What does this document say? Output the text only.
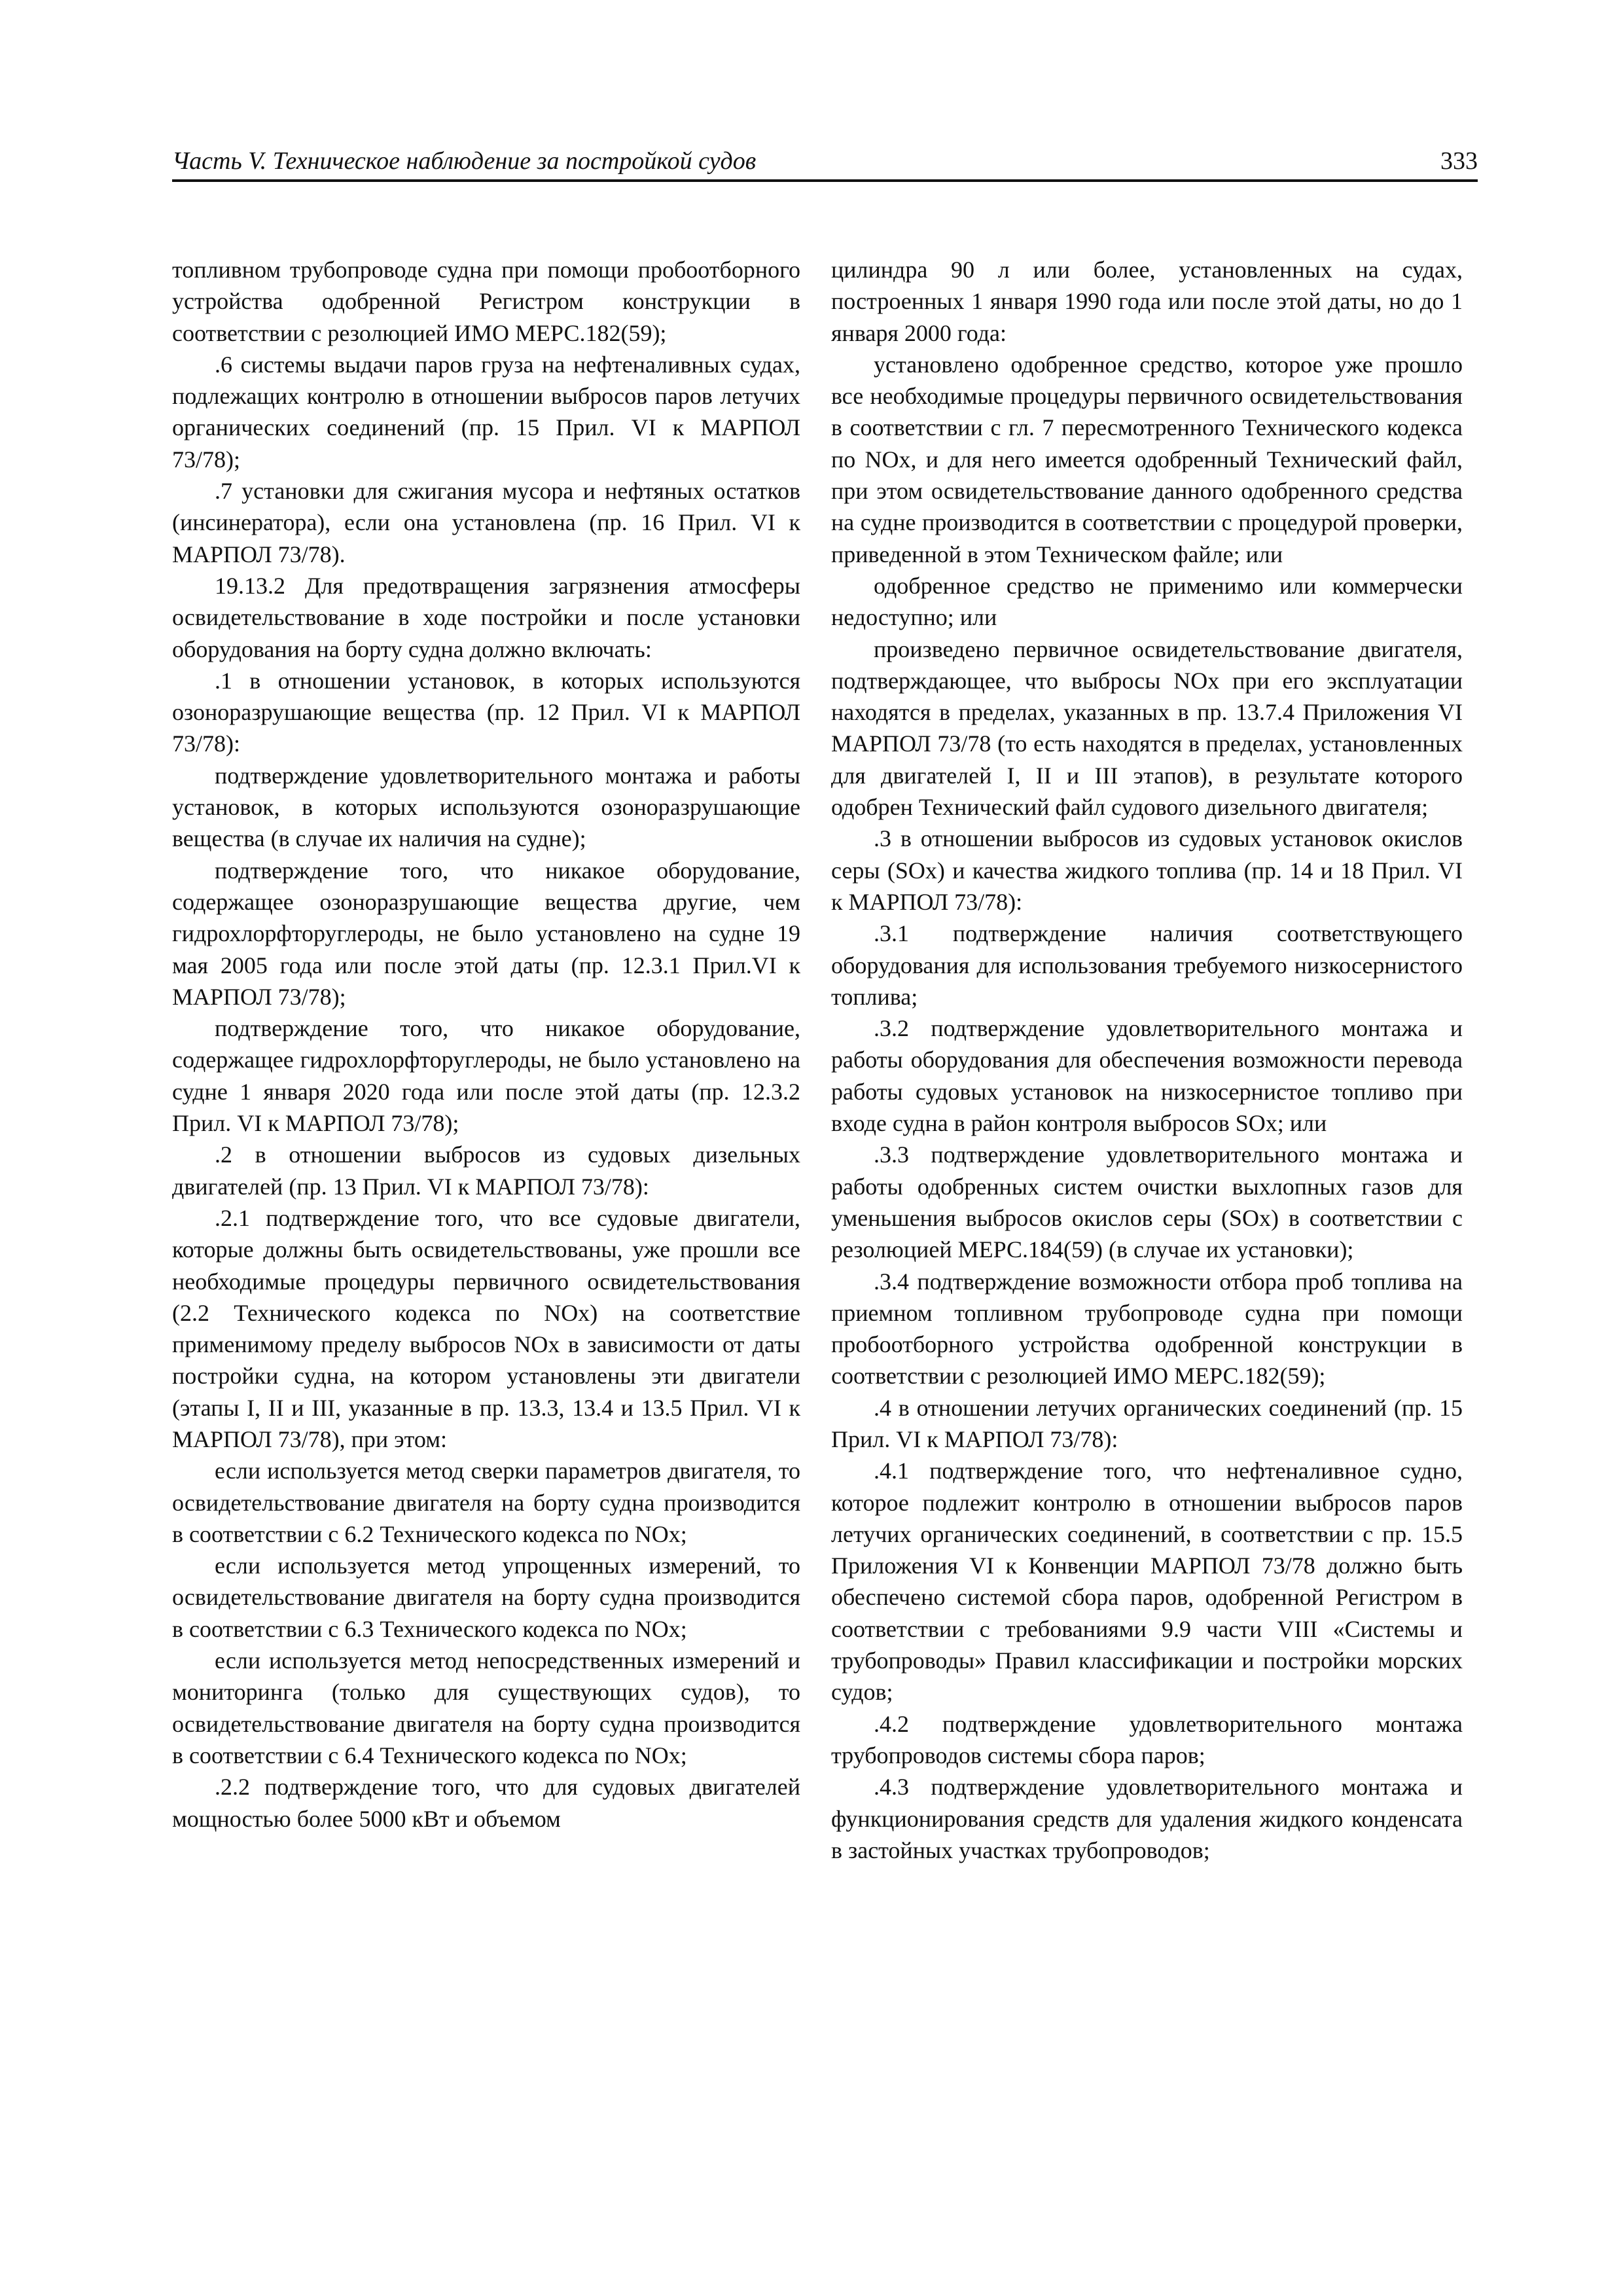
Часть V. Техническое наблюдение за постройкой судов	333

топливном трубопроводе судна при помощи пробоотборного устройства одобренной Регистром конструкции в соответствии с резолюцией ИМО МЕРС.182(59);

.6 системы выдачи паров груза на нефтеналивных судах, подлежащих контролю в отношении выбросов паров летучих органических соединений (пр. 15 Прил. VI к МАРПОЛ 73/78);

.7 установки для сжигания мусора и нефтяных остатков (инсинератора), если она установлена (пр. 16 Прил. VI к МАРПОЛ 73/78).

19.13.2 Для предотвращения загрязнения атмосферы освидетельствование в ходе постройки и после установки оборудования на борту судна должно включать:

.1 в отношении установок, в которых используются озоноразрушающие вещества (пр. 12 Прил. VI к МАРПОЛ 73/78):

подтверждение удовлетворительного монтажа и работы установок, в которых используются озоноразрушающие вещества (в случае их наличия на судне);

подтверждение того, что никакое оборудование, содержащее озоноразрушающие вещества другие, чем гидрохлорфторуглероды, не было установлено на судне 19 мая 2005 года или после этой даты (пр. 12.3.1 Прил.VI к МАРПОЛ 73/78);

подтверждение того, что никакое оборудование, содержащее гидрохлорфторуглероды, не было установлено на судне 1 января 2020 года или после этой даты (пр. 12.3.2 Прил. VI к МАРПОЛ 73/78);

.2 в отношении выбросов из судовых дизельных двигателей (пр. 13 Прил. VI к МАРПОЛ 73/78):

.2.1 подтверждение того, что все судовые двигатели, которые должны быть освидетельствованы, уже прошли все необходимые процедуры первичного освидетельствования (2.2 Технического кодекса по NOx) на соответствие применимому пределу выбросов NOx в зависимости от даты постройки судна, на котором установлены эти двигатели (этапы I, II и III, указанные в пр. 13.3, 13.4 и 13.5 Прил. VI к МАРПОЛ 73/78), при этом:

если используется метод сверки параметров двигателя, то освидетельствование двигателя на борту судна производится в соответствии с 6.2 Технического кодекса по NOx;

если используется метод упрощенных измерений, то освидетельствование двигателя на борту судна производится в соответствии с 6.3 Технического кодекса по NOx;

если используется метод непосредственных измерений и мониторинга (только для существующих судов), то освидетельствование двигателя на борту судна производится в соответствии с 6.4 Технического кодекса по NOx;

.2.2 подтверждение того, что для судовых двигателей мощностью более 5000 кВт и объемом

цилиндра 90 л или более, установленных на судах, построенных 1 января 1990 года или после этой даты, но до 1 января 2000 года:

установлено одобренное средство, которое уже прошло все необходимые процедуры первичного освидетельствования в соответствии с гл. 7 пересмотренного Технического кодекса по NOx, и для него имеется одобренный Технический файл, при этом освидетельствование данного одобренного средства на судне производится в соответствии с процедурой проверки, приведенной в этом Техническом файле; или

одобренное средство не применимо или коммерчески недоступно; или

произведено первичное освидетельствование двигателя, подтверждающее, что выбросы NOx при его эксплуатации находятся в пределах, указанных в пр. 13.7.4 Приложения VI МАРПОЛ 73/78 (то есть находятся в пределах, установленных для двигателей I, II и III этапов), в результате которого одобрен Технический файл судового дизельного двигателя;

.3 в отношении выбросов из судовых установок окислов серы (SOx) и качества жидкого топлива (пр. 14 и 18 Прил. VI к МАРПОЛ 73/78):

.3.1 подтверждение наличия соответствующего оборудования для использования требуемого низкосернистого топлива;

.3.2 подтверждение удовлетворительного монтажа и работы оборудования для обеспечения возможности перевода работы судовых установок на низкосернистое топливо при входе судна в район контроля выбросов SOx; или

.3.3 подтверждение удовлетворительного монтажа и работы одобренных систем очистки выхлопных газов для уменьшения выбросов окислов серы (SOx) в соответствии с резолюцией МЕРС.184(59) (в случае их установки);

.3.4 подтверждение возможности отбора проб топлива на приемном топливном трубопроводе судна при помощи пробоотборного устройства одобренной конструкции в соответствии с резолюцией ИМО МЕРС.182(59);

.4 в отношении летучих органических соединений (пр. 15 Прил. VI к МАРПОЛ 73/78):

.4.1 подтверждение того, что нефтеналивное судно, которое подлежит контролю в отношении выбросов паров летучих органических соединений, в соответствии с пр. 15.5 Приложения VI к Конвенции МАРПОЛ 73/78 должно быть обеспечено системой сбора паров, одобренной Регистром в соответствии с требованиями 9.9 части VIII «Системы и трубопроводы» Правил классификации и постройки морских судов;

.4.2 подтверждение удовлетворительного монтажа трубопроводов системы сбора паров;

.4.3 подтверждение удовлетворительного монтажа и функционирования средств для удаления жидкого конденсата в застойных участках трубопроводов;
